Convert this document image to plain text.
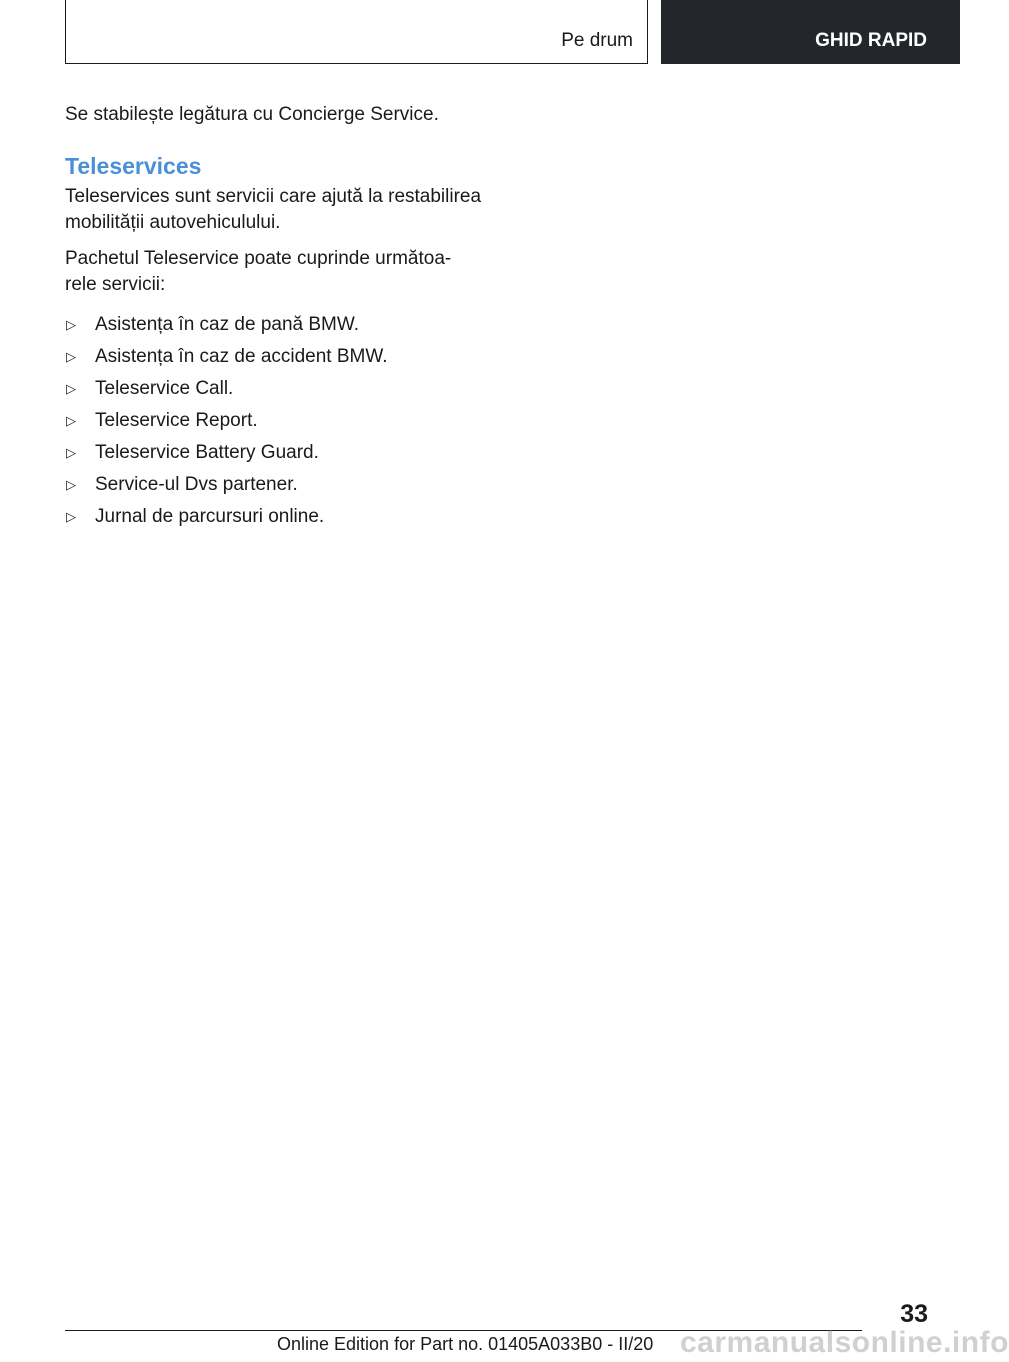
Pe drum	GHID RAPID

Se stabilește legătura cu Concierge Service.

Teleservices

Teleservices sunt servicii care ajută la restabilirea
mobilității autovehiculului.

Pachetul Teleservice poate cuprinde următoa-
rele servicii:

▷	Asistența în caz de pană BMW.
▷	Asistența în caz de accident BMW.
▷	Teleservice Call.
▷	Teleservice Report.
▷	Teleservice Battery Guard.
▷	Service-ul Dvs partener.
▷	Jurnal de parcursuri online.
33
Online Edition for Part no. 01405A033B0 - II/20 carmanualsonline.info
